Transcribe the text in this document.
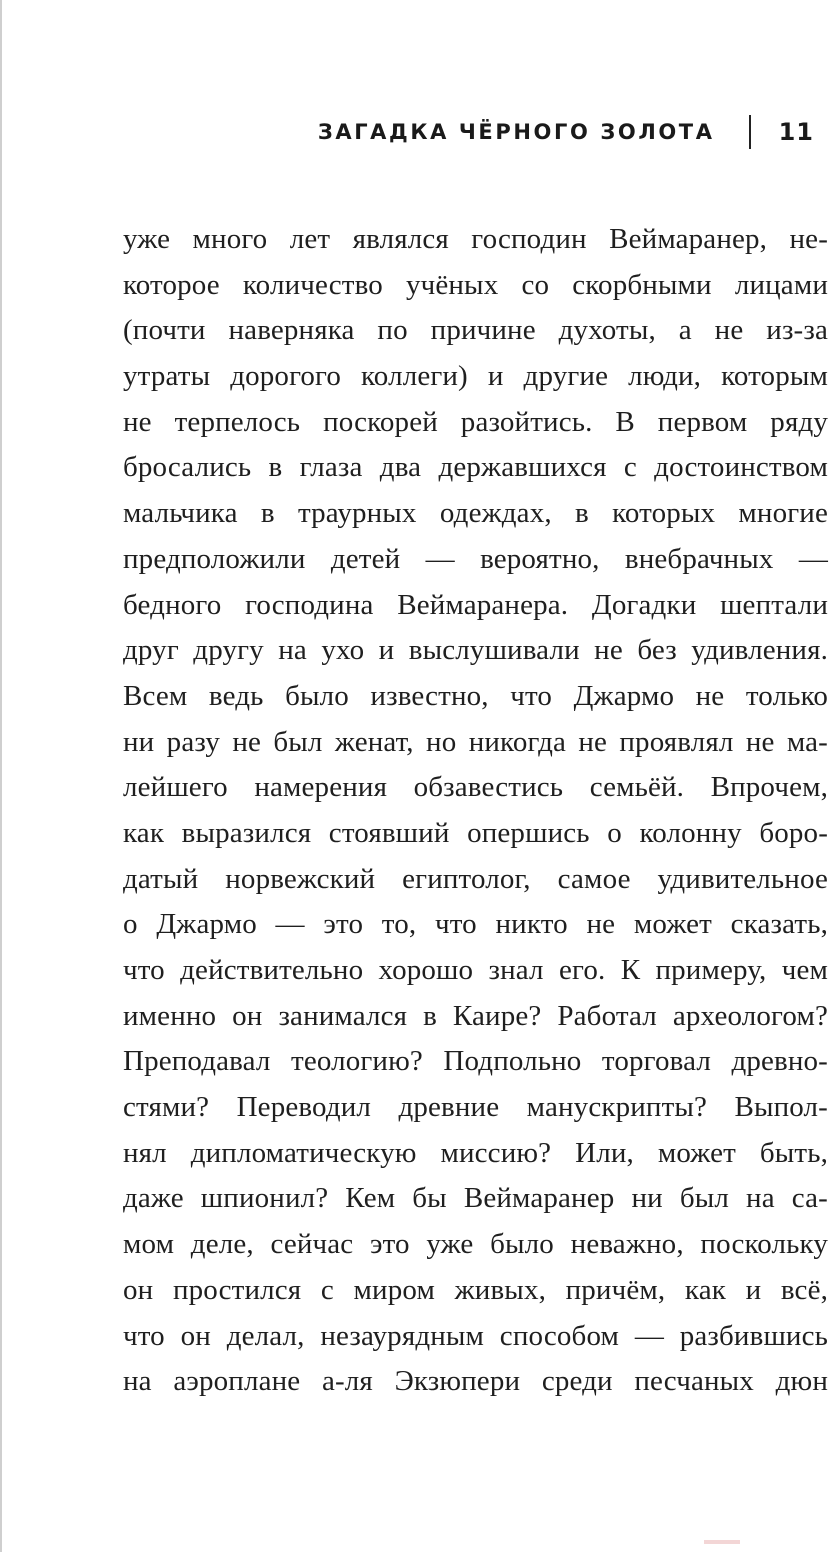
ЗАГАДКА ЧЁРНОГО ЗОЛОТА	11
уже много лет являлся господин Веймаранер, не-
которое количество учёных со скорбными лицами
(почти наверняка по причине духоты, а не из-за
утраты дорогого коллеги) и другие люди, которым
не терпелось поскорей разойтись. В первом ряду
бросались в глаза два державшихся с достоинством
мальчика в траурных одеждах, в которых многие
предположили детей — вероятно, внебрачных —
бедного господина Веймаранера. Догадки шептали
друг другу на ухо и выслушивали не без удивления.
Всем ведь было известно, что Джармо не только
ни разу не был женат, но никогда не проявлял не ма-
лейшего намерения обзавестись семьёй. Впрочем,
как выразился стоявший опершись о колонну боро-
датый норвежский египтолог, самое удивительное
о Джармо — это то, что никто не может сказать,
что действительно хорошо знал его. К примеру, чем
именно он занимался в Каире? Работал археологом?
Преподавал теологию? Подпольно торговал древно-
стями? Переводил древние манускрипты? Выпол-
нял дипломатическую миссию? Или, может быть,
даже шпионил? Кем бы Веймаранер ни был на са-
мом деле, сейчас это уже было неважно, поскольку
он простился с миром живых, причём, как и всё,
что он делал, незаурядным способом — разбившись
на аэроплане а-ля Экзюпери среди песчаных дюн
